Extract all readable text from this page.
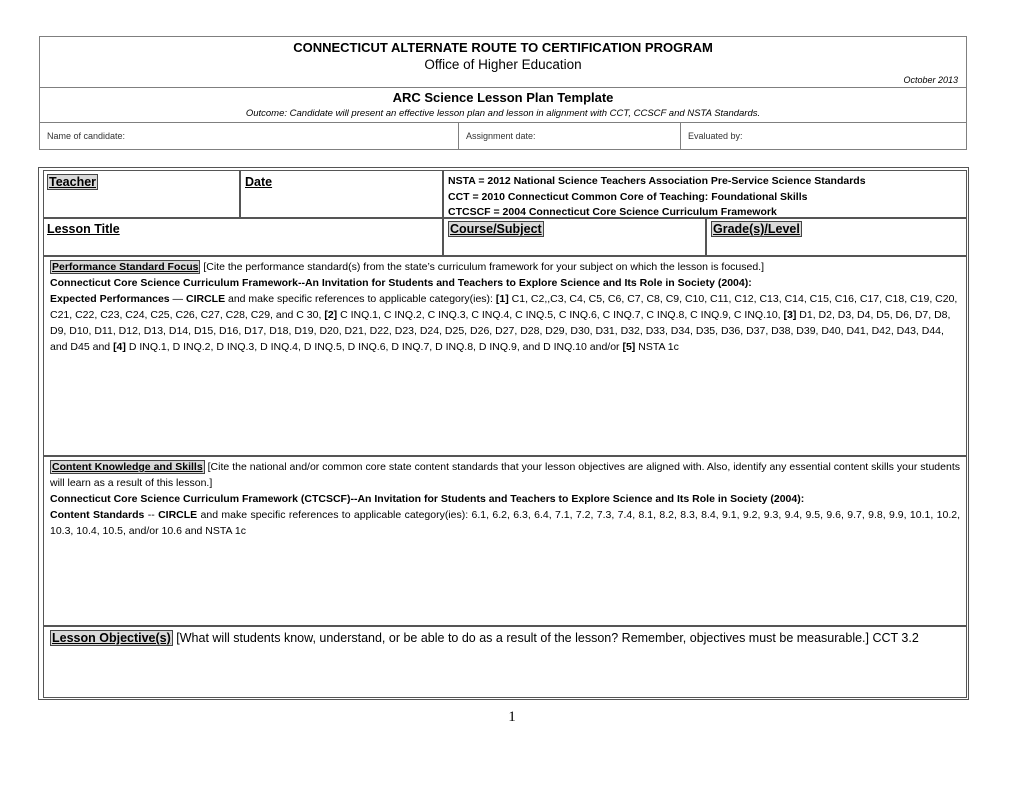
CONNECTICUT ALTERNATE ROUTE TO CERTIFICATION PROGRAM
Office of Higher Education
October 2013
ARC Science Lesson Plan Template
Outcome: Candidate will present an effective lesson plan and lesson in alignment with CCT, CCSCF and NSTA Standards.
Name of candidate:	Assignment date:	Evaluated by:
Teacher	Date	NSTA = 2012 National Science Teachers Association Pre-Service Science Standards
CCT = 2010 Connecticut Common Core of Teaching: Foundational Skills
CTCSCF = 2004 Connecticut Core Science Curriculum Framework
Lesson Title	Course/Subject	Grade(s)/Level
Performance Standard Focus [Cite the performance standard(s) from the state’s curriculum framework for your subject on which the lesson is focused.]
Connecticut Core Science Curriculum Framework--An Invitation for Students and Teachers to Explore Science and Its Role in Society (2004):
Expected Performances — CIRCLE and make specific references to applicable category(ies): [1] C1, C2,,C3, C4, C5, C6, C7, C8, C9, C10, C11, C12, C13, C14, C15, C16, C17, C18, C19, C20, C21, C22, C23, C24, C25, C26, C27, C28, C29, and C 30, [2] C INQ.1, C INQ.2, C INQ.3, C INQ.4, C INQ.5, C INQ.6, C INQ.7, C INQ.8, C INQ.9, C INQ.10, [3] D1, D2, D3, D4, D5, D6, D7, D8, D9, D10, D11, D12, D13, D14, D15, D16, D17, D18, D19, D20, D21, D22, D23, D24, D25, D26, D27, D28, D29, D30, D31, D32, D33, D34, D35, D36, D37, D38, D39, D40, D41, D42, D43, D44, and D45 and [4] D INQ.1, D INQ.2, D INQ.3, D INQ.4, D INQ.5, D INQ.6, D INQ.7, D INQ.8, D INQ.9, and D INQ.10 and/or [5] NSTA 1c
Content Knowledge and Skills [Cite the national and/or common core state content standards that your lesson objectives are aligned with. Also, identify any essential content skills your students will learn as a result of this lesson.]
Connecticut Core Science Curriculum Framework (CTCSCF)--An Invitation for Students and Teachers to Explore Science and Its Role in Society (2004):
Content Standards -- CIRCLE and make specific references to applicable category(ies): 6.1, 6.2, 6.3, 6.4, 7.1, 7.2, 7.3, 7.4, 8.1, 8.2, 8.3, 8.4, 9.1, 9.2, 9.3, 9.4, 9.5, 9.6, 9.7, 9.8, 9.9, 10.1, 10.2, 10.3, 10.4, 10.5, and/or 10.6 and NSTA 1c
Lesson Objective(s) [What will students know, understand, or be able to do as a result of the lesson? Remember, objectives must be measurable.] CCT 3.2
1
